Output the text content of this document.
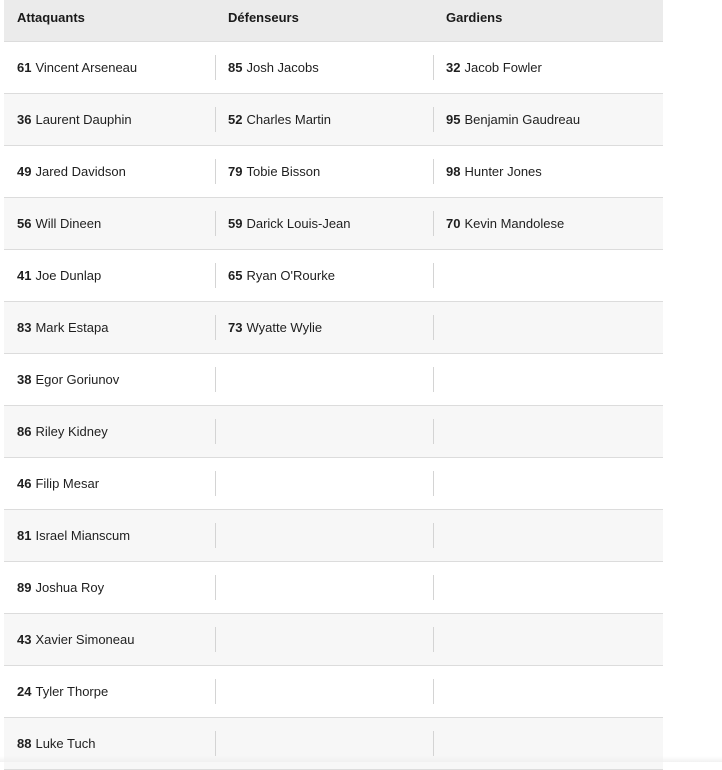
Attaquants	Défenseurs	Gardiens
61 Vincent Arseneau	85 Josh Jacobs	32 Jacob Fowler
36 Laurent Dauphin	52 Charles Martin	95 Benjamin Gaudreau
49 Jared Davidson	79 Tobie Bisson	98 Hunter Jones
56 Will Dineen	59 Darick Louis-Jean	70 Kevin Mandolese
41 Joe Dunlap	65 Ryan O'Rourke	
83 Mark Estapa	73 Wyatte Wylie	
38 Egor Goriunov		
86 Riley Kidney		
46 Filip Mesar		
81 Israel Mianscum		
89 Joshua Roy		
43 Xavier Simoneau		
24 Tyler Thorpe		
88 Luke Tuch		
